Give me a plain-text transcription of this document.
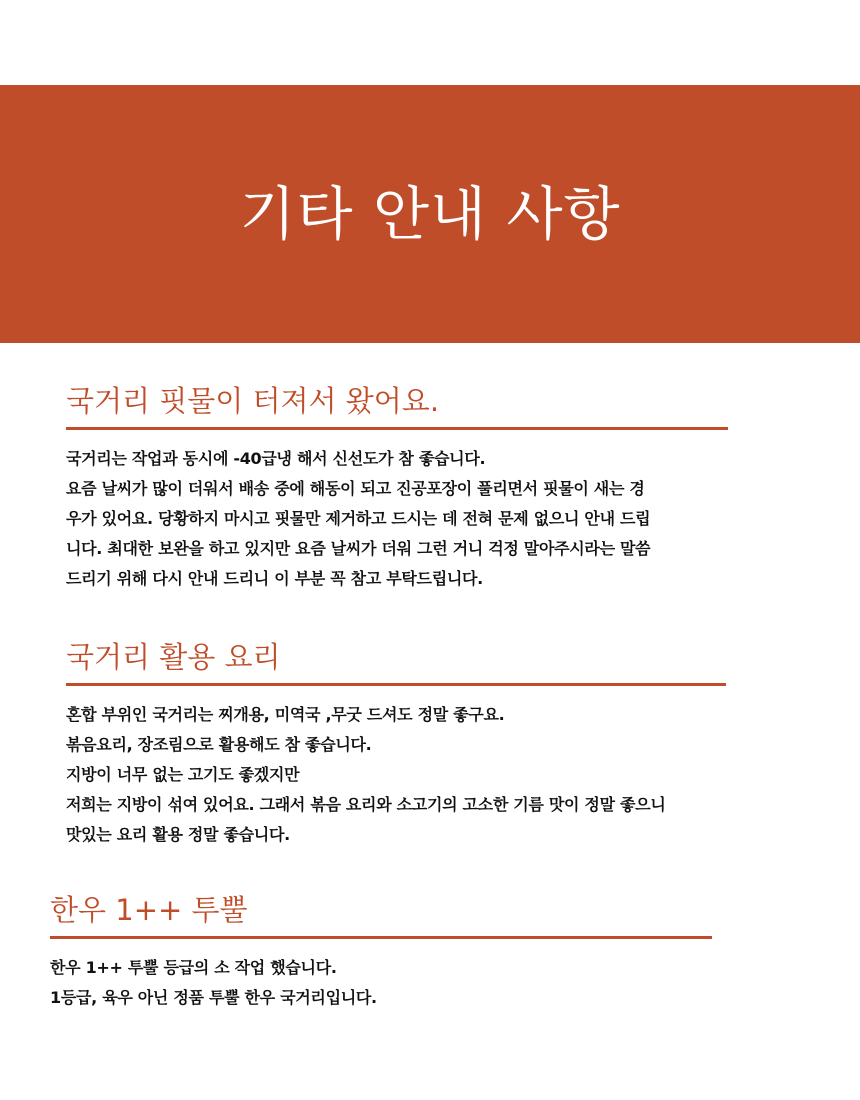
기타 안내 사항
국거리 핏물이 터져서 왔어요.

국거리는 작업과 동시에 -40급냉 해서 신선도가 참 좋습니다.

요즘 날씨가 많이 더워서 배송 중에 해동이 되고 진공포장이 풀리면서 핏물이 새는 경

우가 있어요. 당황하지 마시고 핏물만 제거하고 드시는 데 전혀 문제 없으니 안내 드립

니다. 최대한 보완을 하고 있지만 요즘 날씨가 더워 그런 거니 걱정 말아주시라는 말씀

드리기 위해 다시 안내 드리니 이 부분 꼭 참고 부탁드립니다.

국거리 활용 요리

혼합 부위인 국거리는 찌개용, 미역국 ,무굿 드셔도 정말 좋구요.

볶음요리, 장조림으로 활용해도 참 좋습니다.

지방이 너무 없는 고기도 좋겠지만

저희는 지방이 섞여 있어요. 그래서 볶음 요리와 소고기의 고소한 기름 맛이 정말 좋으니

맛있는 요리 활용 정말 좋습니다.

한우 1++ 투뿔

한우 1++ 투뿔 등급의 소 작업 했습니다.

1등급, 육우 아닌 정품 투뿔 한우 국거리입니다.
